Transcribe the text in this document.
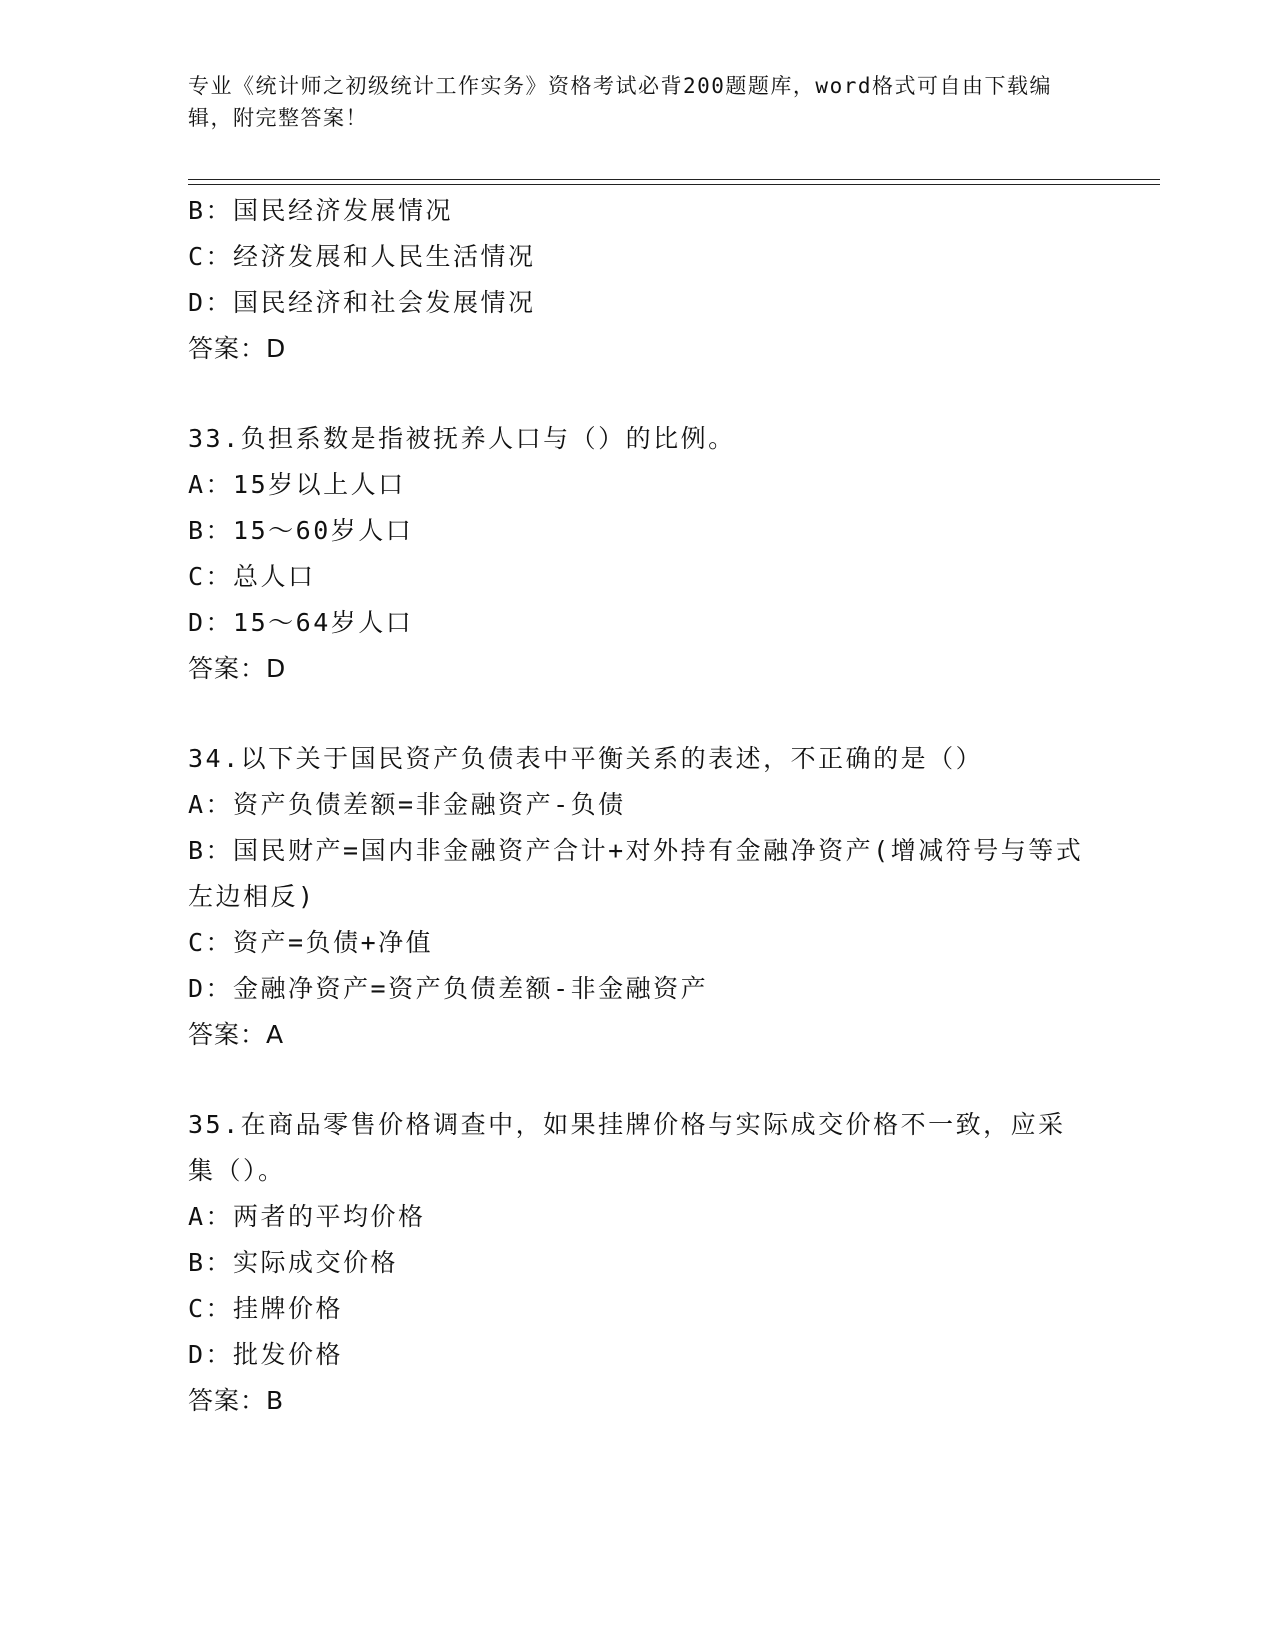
专业《统计师之初级统计工作实务》资格考试必背200题题库，word格式可自由下载编辑，附完整答案！
B：国民经济发展情况
C：经济发展和人民生活情况
D：国民经济和社会发展情况
答案：D
33.负担系数是指被抚养人口与（）的比例。
A：15岁以上人口
B：15～60岁人口
C：总人口
D：15～64岁人口
答案：D
34.以下关于国民资产负债表中平衡关系的表述，不正确的是（）
A：资产负债差额=非金融资产-负债
B：国民财产=国内非金融资产合计+对外持有金融净资产(增减符号与等式左边相反)
C：资产=负债+净值
D：金融净资产=资产负债差额-非金融资产
答案：A
35.在商品零售价格调查中，如果挂牌价格与实际成交价格不一致，应采集（）。
A：两者的平均价格
B：实际成交价格
C：挂牌价格
D：批发价格
答案：B
